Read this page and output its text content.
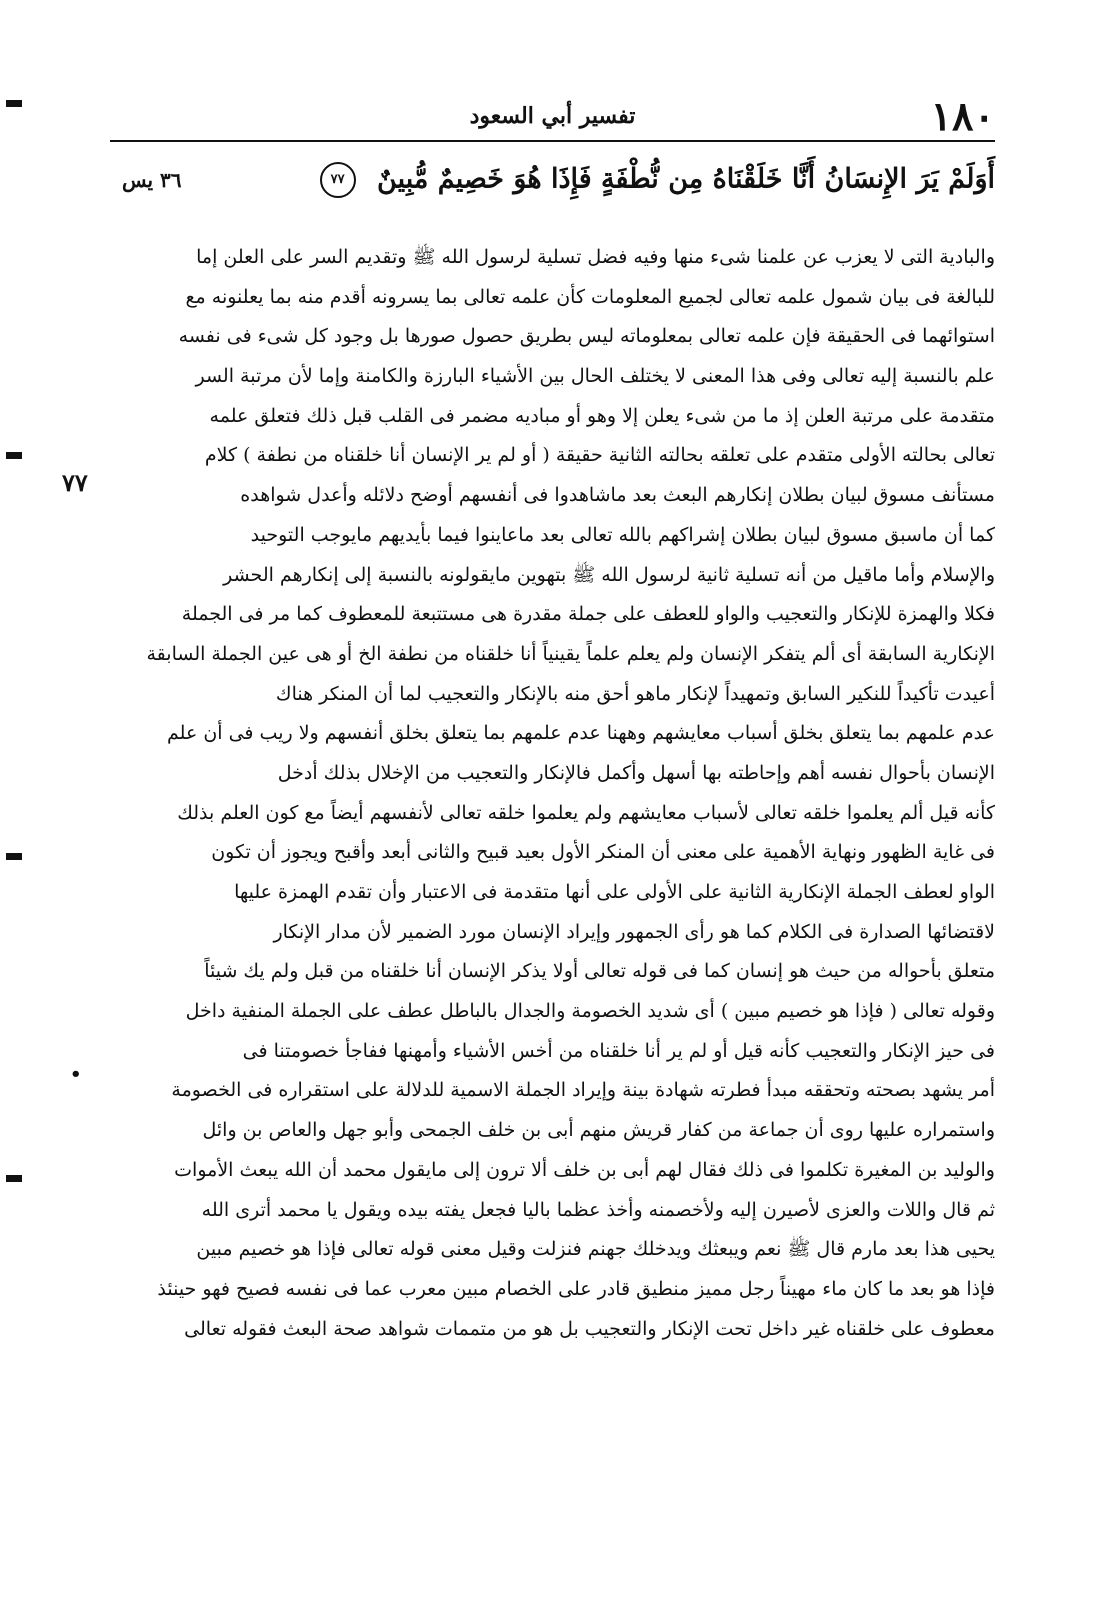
١٨٠
تفسير أبي السعود
أَوَلَمْ يَرَ الإِنسَانُ أَنَّا خَلَقْنَاهُ مِن نُّطْفَةٍ فَإِذَا هُوَ خَصِيمٌ مُّبِينٌ ٧٧
٣٦ يس
٧٧
•
والبادية التى لا يعزب عن علمنا شىء منها وفيه فضل تسلية لرسول الله ﷺ وتقديم السر على العلن إما
للبالغة فى بيان شمول علمه تعالى لجميع المعلومات كأن علمه تعالى بما يسرونه أقدم منه بما يعلنونه مع
استوائهما فى الحقيقة فإن علمه تعالى بمعلوماته ليس بطريق حصول صورها بل وجود كل شىء فى نفسه
علم بالنسبة إليه تعالى وفى هذا المعنى لا يختلف الحال بين الأشياء البارزة والكامنة وإما لأن مرتبة السر
متقدمة على مرتبة العلن إذ ما من شىء يعلن إلا وهو أو مباديه مضمر فى القلب قبل ذلك فتعلق علمه
تعالى بحالته الأولى متقدم على تعلقه بحالته الثانية حقيقة ( أو لم ير الإنسان أنا خلقناه من نطفة ) كلام
مستأنف مسوق لبيان بطلان إنكارهم البعث بعد ماشاهدوا فى أنفسهم أوضح دلائله وأعدل شواهده
كما أن ماسبق مسوق لبيان بطلان إشراكهم بالله تعالى بعد ماعاينوا فيما بأيديهم مايوجب التوحيد
والإسلام وأما ماقيل من أنه تسلية ثانية لرسول الله ﷺ بتهوين مايقولونه بالنسبة إلى إنكارهم الحشر
فكلا والهمزة للإنكار والتعجيب والواو للعطف على جملة مقدرة هى مستتبعة للمعطوف كما مر فى الجملة
الإنكارية السابقة أى ألم يتفكر الإنسان ولم يعلم علماً يقينياً أنا خلقناه من نطفة الخ أو هى عين الجملة السابقة
أعيدت تأكيداً للنكير السابق وتمهيداً لإنكار ماهو أحق منه بالإنكار والتعجيب لما أن المنكر هناك
عدم علمهم بما يتعلق بخلق أسباب معايشهم وههنا عدم علمهم بما يتعلق بخلق أنفسهم ولا ريب فى أن علم
الإنسان بأحوال نفسه أهم وإحاطته بها أسهل وأكمل فالإنكار والتعجيب من الإخلال بذلك أدخل
كأنه قيل ألم يعلموا خلقه تعالى لأسباب معايشهم ولم يعلموا خلقه تعالى لأنفسهم أيضاً مع كون العلم بذلك
فى غاية الظهور ونهاية الأهمية على معنى أن المنكر الأول بعيد قبيح والثانى أبعد وأقبح ويجوز أن تكون
الواو لعطف الجملة الإنكارية الثانية على الأولى على أنها متقدمة فى الاعتبار وأن تقدم الهمزة عليها
لاقتضائها الصدارة فى الكلام كما هو رأى الجمهور وإيراد الإنسان مورد الضمير لأن مدار الإنكار
متعلق بأحواله من حيث هو إنسان كما فى قوله تعالى أولا يذكر الإنسان أنا خلقناه من قبل ولم يك شيئاً
وقوله تعالى ( فإذا هو خصيم مبين ) أى شديد الخصومة والجدال بالباطل عطف على الجملة المنفية داخل
فى حيز الإنكار والتعجيب كأنه قيل أو لم ير أنا خلقناه من أخس الأشياء وأمهنها ففاجأ خصومتنا فى
أمر يشهد بصحته وتحققه مبدأ فطرته شهادة بينة وإيراد الجملة الاسمية للدلالة على استقراره فى الخصومة
واستمراره عليها روى أن جماعة من كفار قريش منهم أبى بن خلف الجمحى وأبو جهل والعاص بن وائل
والوليد بن المغيرة تكلموا فى ذلك فقال لهم أبى بن خلف ألا ترون إلى مايقول محمد أن الله يبعث الأموات
ثم قال واللات والعزى لأصيرن إليه ولأخصمنه وأخذ عظما باليا فجعل يفته بيده ويقول يا محمد أترى الله
يحيى هذا بعد مارم قال ﷺ نعم ويبعثك ويدخلك جهنم فنزلت وقيل معنى قوله تعالى فإذا هو خصيم مبين
فإذا هو بعد ما كان ماء مهيناً رجل مميز منطيق قادر على الخصام مبين معرب عما فى نفسه فصيح فهو حينئذ
معطوف على خلقناه غير داخل تحت الإنكار والتعجيب بل هو من متممات شواهد صحة البعث فقوله تعالى
